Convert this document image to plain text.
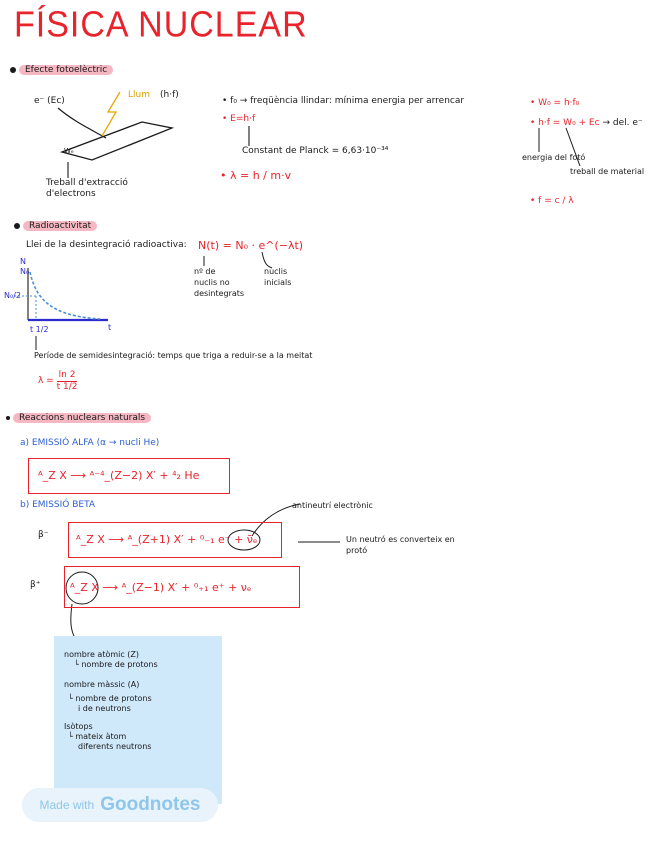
FÍSICA NUCLEAR
Efecte fotoelèctric
e⁻ (Ec)
Llum (h·f)
Wₑ
Treball d'extracció
d'electrons
• f₀ → freqüència llindar: mínima energia per arrencar
• E=h·f
Constant de Planck = 6,63·10⁻³⁴
• λ = h / m·v
• W₀ = h·f₀
• h·f = W₀ + Ec → del. e⁻
energia del fotó
treball de material
• f = c / λ
Radioactivitat
Llei de la desintegració radioactiva: N(t) = N₀ · e^(−λt)
nº de nuclis no desintegrats
nuclis inicials
N
N₀
N₀/2
t
t 1/2
Període de semidesintegració: temps que triga a reduir-se a la meitat
$\lambda = \frac{\ln 2}{t 1/2}$
Reaccions nuclears naturals
a) EMISSIÓ ALFA (α → nucli He)
ᴬ_Z X ⟶ ᴬ⁻⁴_(Z−2) X′ + ⁴₂ He
b) EMISSIÓ BETA	antineutrí electrònic
β⁻	ᴬ_Z X ⟶ ᴬ_(Z+1) X′ + ⁰₋₁ e⁻ + ν̄ₑ	Un neutró es converteix en
protó
β⁺	ᴬ_Z X ⟶ ᴬ_(Z−1) X′ + ⁰₊₁ e⁺ + νₑ
nombre atòmic (Z)
└ nombre de protons
nombre màssic (A)
└ nombre de protons
i de neutrons
Isòtops
└ mateix àtom
diferents neutrons
Made with Goodnotes
